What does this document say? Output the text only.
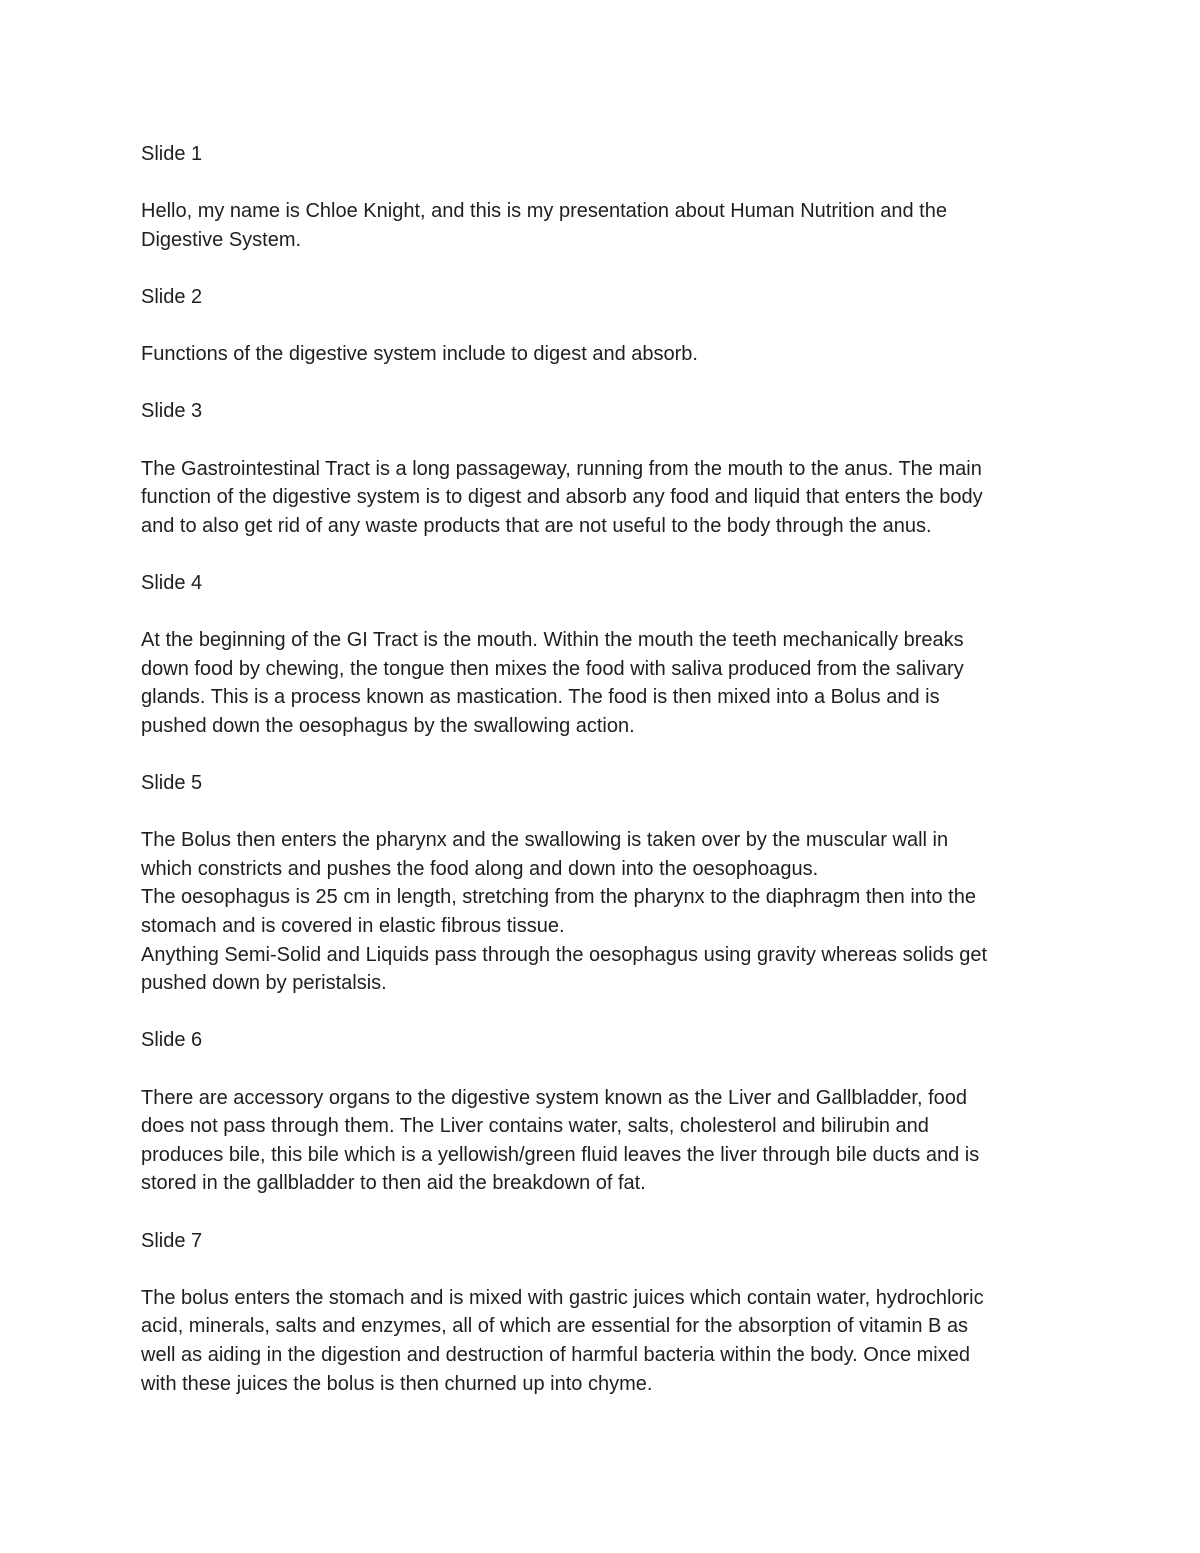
Slide 1
Hello, my name is Chloe Knight, and this is my presentation about Human Nutrition and the
Digestive System.
Slide 2
Functions of the digestive system include to digest and absorb.
Slide 3
The Gastrointestinal Tract is a long passageway, running from the mouth to the anus. The main
function of the digestive system is to digest and absorb any food and liquid that enters the body
and to also get rid of any waste products that are not useful to the body through the anus.
Slide 4
At the beginning of the GI Tract is the mouth. Within the mouth the teeth mechanically breaks
down food by chewing, the tongue then mixes the food with saliva produced from the salivary
glands. This is a process known as mastication. The food is then mixed into a Bolus and is
pushed down the oesophagus by the swallowing action.
Slide 5
The Bolus then enters the pharynx and the swallowing is taken over by the muscular wall in
which constricts and pushes the food along and down into the oesophoagus.
The oesophagus is 25 cm in length, stretching from the pharynx to the diaphragm then into the
stomach and is covered in elastic fibrous tissue.
Anything Semi-Solid and Liquids pass through the oesophagus using gravity whereas solids get
pushed down by peristalsis.
Slide 6
There are accessory organs to the digestive system known as the Liver and Gallbladder, food
does not pass through them. The Liver contains water, salts, cholesterol and bilirubin and
produces bile, this bile which is a yellowish/green fluid leaves the liver through bile ducts and is
stored in the gallbladder to then aid the breakdown of fat.
Slide 7
The bolus enters the stomach and is mixed with gastric juices which contain water, hydrochloric
acid, minerals, salts and enzymes, all of which are essential for the absorption of vitamin B as
well as aiding in the digestion and destruction of harmful bacteria within the body. Once mixed
with these juices the bolus is then churned up into chyme.
